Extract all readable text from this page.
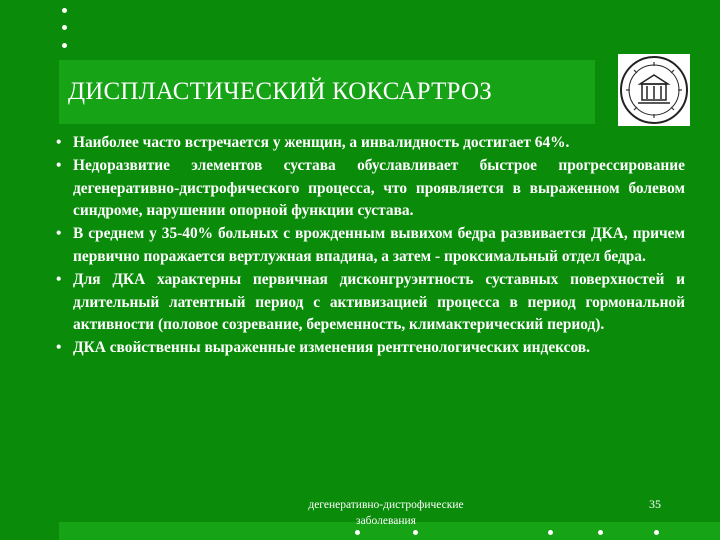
ДИСПЛАСТИЧЕСКИЙ КОКСАРТРОЗ
• Наиболее часто встречается у женщин, а инвалидность достигает 64%.
• Недоразвитие элементов сустава обуславливает быстрое прогрессирование дегенеративно-дистрофического процесса, что проявляется в выраженном болевом синдроме, нарушении опорной функции сустава.
• В среднем у 35-40% больных с врожденным вывихом бедра развивается ДКА, причем первично поражается вертлужная впадина, а затем - проксимальный отдел бедра.
• Для ДКА характерны первичная дисконгруэнтность суставных поверхностей и длительный латентный период с активизацией процесса в период гормональной активности (половое созревание, беременность, климактерический период).
• ДКА свойственны выраженные изменения рентгенологических индексов.
дегенеративно-дистрофические заболевания
35
